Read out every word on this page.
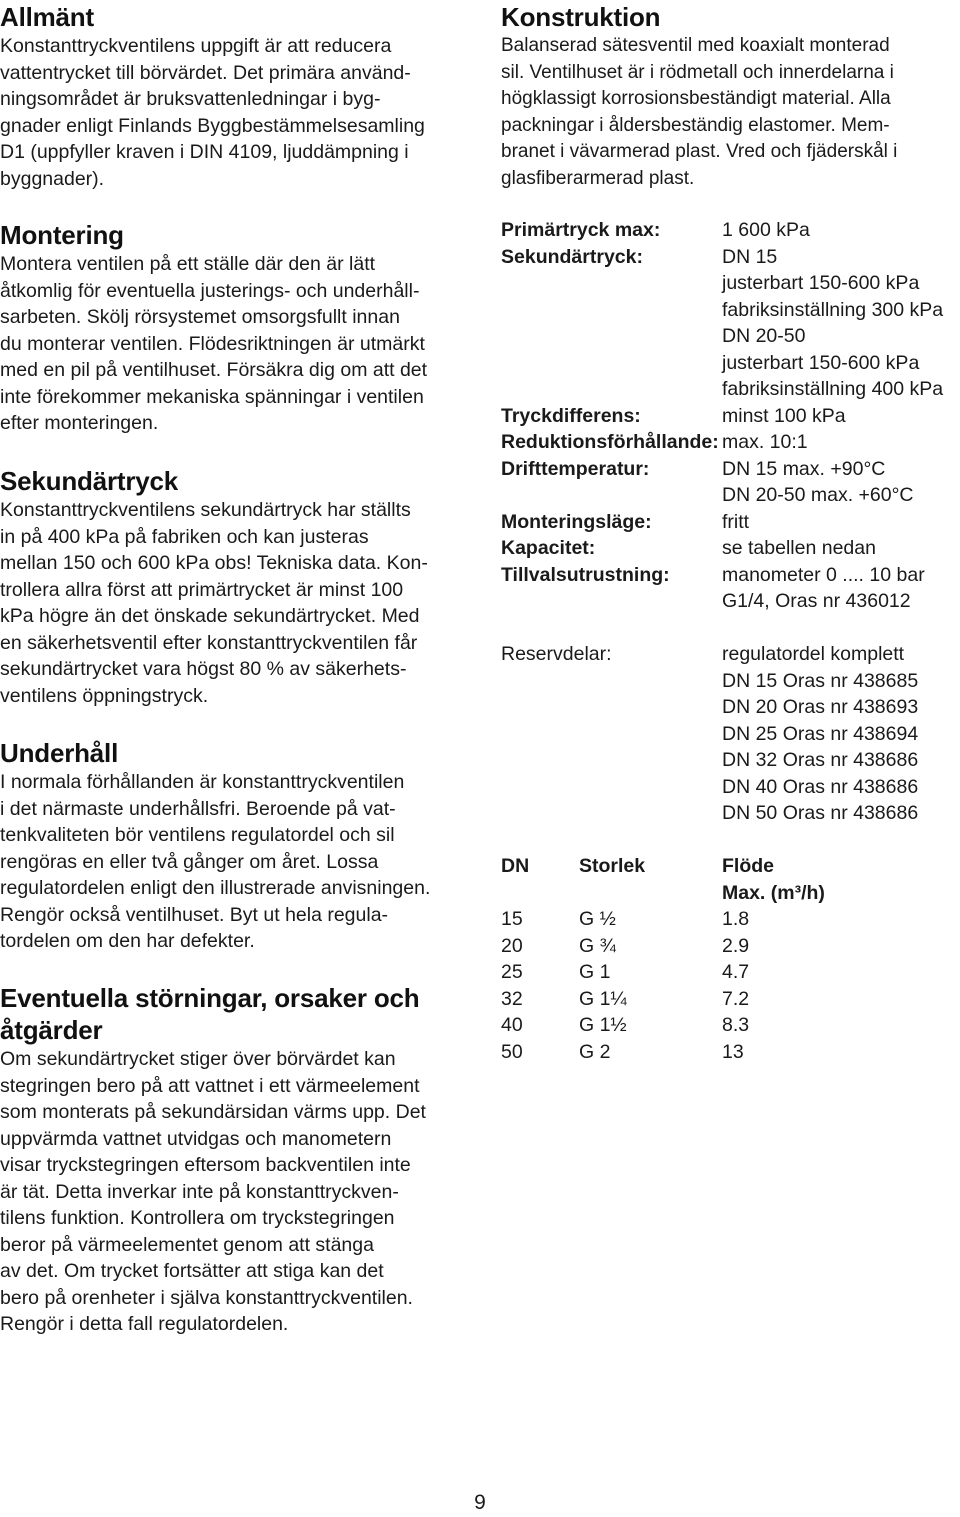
Allmänt

Konstanttryckventilens uppgift är att reducera
vattentrycket till börvärdet. Det primära använd-
ningsområdet är bruksvattenledningar i byg-
gnader enligt Finlands Byggbestämmelsesamling
D1 (uppfyller kraven i DIN 4109, ljuddämpning i
byggnader).

Montering

Montera ventilen på ett ställe där den är lätt
åtkomlig för eventuella justerings- och underhåll-
sarbeten. Skölj rörsystemet omsorgsfullt innan
du monterar ventilen. Flödesriktningen är utmärkt
med en pil på ventilhuset. Försäkra dig om att det
inte förekommer mekaniska spänningar i ventilen
efter monteringen.

Sekundärtryck

Konstanttryckventilens sekundärtryck har ställts
in på 400 kPa på fabriken och kan justeras
mellan 150 och 600 kPa obs! Tekniska data. Kon-
trollera allra först att primärtrycket är minst 100
kPa högre än det önskade sekundärtrycket. Med
en säkerhetsventil efter konstanttryckventilen får
sekundärtrycket vara högst 80 % av säkerhets-
ventilens öppningstryck.

Underhåll

I normala förhållanden är konstanttryckventilen
i det närmaste underhållsfri. Beroende på vat-
tenkvaliteten bör ventilens regulatordel och sil
rengöras en eller två gånger om året. Lossa
regulatordelen enligt den illustrerade anvisningen.
Rengör också ventilhuset. Byt ut hela regula-
tordelen om den har defekter.

Eventuella störningar, orsaker och
åtgärder

Om sekundärtrycket stiger över börvärdet kan
stegringen bero på att vattnet i ett värmeelement
som monterats på sekundärsidan värms upp. Det
uppvärmda vattnet utvidgas och manometern
visar tryckstegringen eftersom backventilen inte
är tät. Detta inverkar inte på konstanttryckven-
tilens funktion. Kontrollera om tryckstegringen
beror på värmeelementet genom att stänga
av det. Om trycket fortsätter att stiga kan det
bero på orenheter i själva konstanttryckventilen.
Rengör i detta fall regulatordelen.

Konstruktion

Balanserad sätesventil med koaxialt monterad
sil. Ventilhuset är i rödmetall och innerdelarna i
högklassigt korrosionsbeständigt material. Alla
packningar i åldersbeständig elastomer. Mem-
branet i vävarmerad plast. Vred och fjäderskål i
glasfiberarmerad plast.

Primärtryck max:	1 600 kPa
Sekundärtryck:	DN 15
justerbart 150-600 kPa
fabriksinställning 300 kPa
DN 20-50
justerbart 150-600 kPa
fabriksinställning 400 kPa
Tryckdifferens:	minst 100 kPa
Reduktionsförhållande: max. 10:1
Drifttemperatur:	DN 15 max. +90°C
DN 20-50 max. +60°C
Monteringsläge:	fritt
Kapacitet:	se tabellen nedan
Tillvalsutrustning:	manometer 0 .... 10 bar
G1/4, Oras nr 436012
Reservdelar:	regulatordel komplett
DN 15 Oras nr 438685
DN 20 Oras nr 438693
DN 25 Oras nr 438694
DN 32 Oras nr 438686
DN 40 Oras nr 438686
DN 50 Oras nr 438686
DN	Storlek	Flöde
Max. (m³/h)
15	G ½	1.8
20	G ¾	2.9
25	G 1	4.7
32	G 1¼	7.2
40	G 1½	8.3
50	G 2	13
9
